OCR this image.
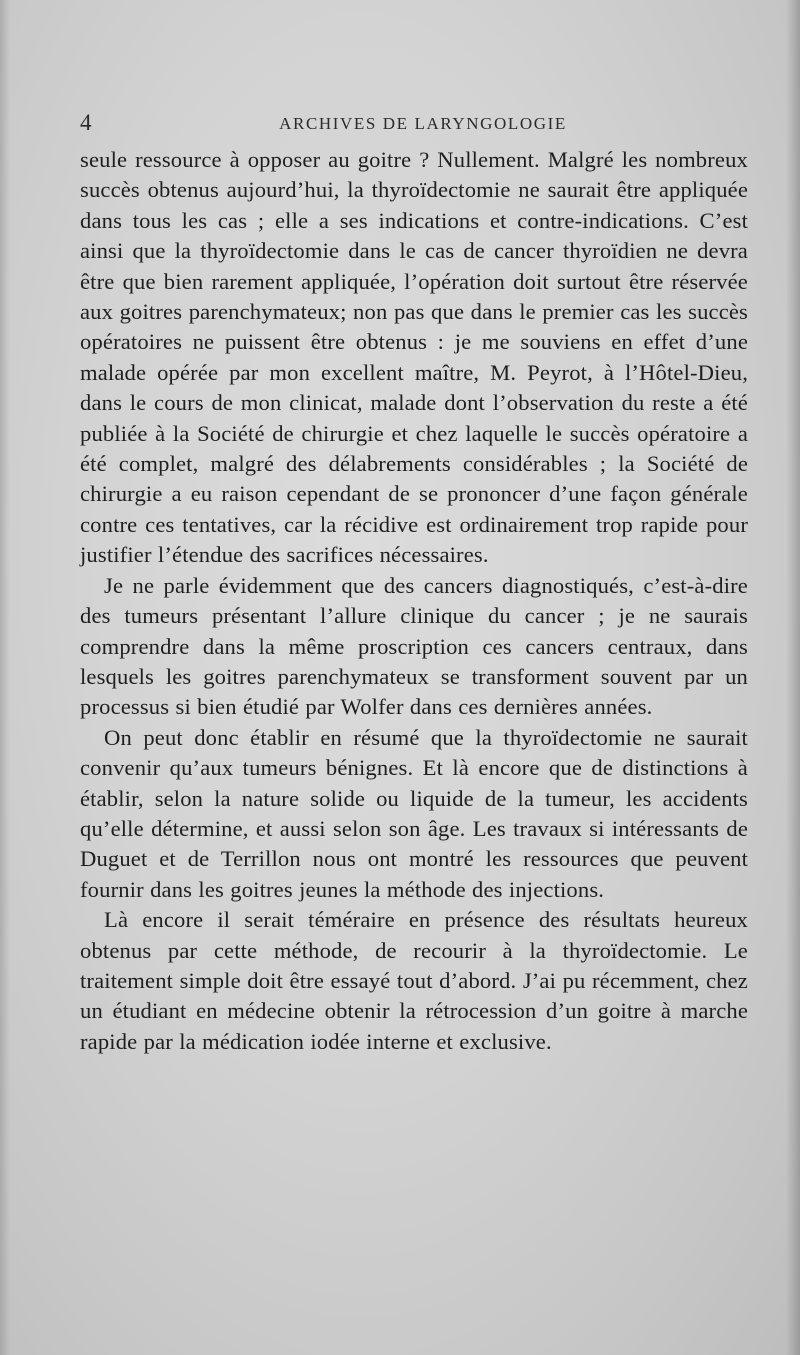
4	ARCHIVES DE LARYNGOLOGIE

seule ressource à opposer au goitre ? Nullement. Malgré les nombreux succès obtenus aujourd’hui, la thyroïdectomie ne saurait être appliquée dans tous les cas ; elle a ses indications et contre-indications. C’est ainsi que la thyroïdectomie dans le cas de cancer thyroïdien ne devra être que bien rarement appliquée, l’opération doit surtout être réservée aux goitres parenchymateux; non pas que dans le premier cas les succès opératoires ne puissent être obtenus : je me souviens en effet d’une malade opérée par mon excellent maître, M. Peyrot, à l’Hôtel-Dieu, dans le cours de mon clinicat, malade dont l’observation du reste a été publiée à la Société de chirurgie et chez laquelle le succès opératoire a été complet, malgré des délabrements considérables ; la Société de chirurgie a eu raison cependant de se prononcer d’une façon générale contre ces tentatives, car la récidive est ordinairement trop rapide pour justifier l’étendue des sacrifices nécessaires.

Je ne parle évidemment que des cancers diagnostiqués, c’est-à-dire des tumeurs présentant l’allure clinique du cancer ; je ne saurais comprendre dans la même proscription ces cancers centraux, dans lesquels les goitres parenchymateux se transforment souvent par un processus si bien étudié par Wolfer dans ces dernières années.

On peut donc établir en résumé que la thyroïdectomie ne saurait convenir qu’aux tumeurs bénignes. Et là encore que de distinctions à établir, selon la nature solide ou liquide de la tumeur, les accidents qu’elle détermine, et aussi selon son âge. Les travaux si intéressants de Duguet et de Terrillon nous ont montré les ressources que peuvent fournir dans les goitres jeunes la méthode des injections.

Là encore il serait téméraire en présence des résultats heureux obtenus par cette méthode, de recourir à la thyroïdectomie. Le traitement simple doit être essayé tout d’abord. J’ai pu récemment, chez un étudiant en médecine obtenir la rétrocession d’un goitre à marche rapide par la médication iodée interne et exclusive.
